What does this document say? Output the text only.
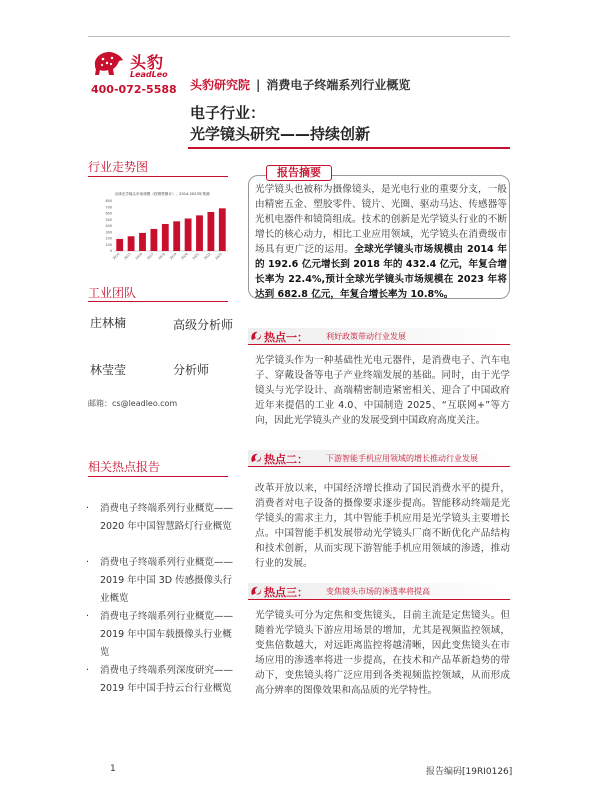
头豹
LeadLeo
400-072-5588 头豹研究院 | 消费电子终端系列行业概览
电子行业：
光学镜头研究——持续创新
行业走势图
全球光学镜头市场规模（按销售额计），2014-2023年预测
800
700
600
500
400
300
200
100
0
2014 2015 2016 2017 2018 2019 2020 2021 2022 2023
工业团队
庄林楠	高级分析师
林莹莹	分析师
邮箱：cs@leadleo.com
相关热点报告
· 消费电子终端系列行业概览——2020 年中国智慧路灯行业概览
· 消费电子终端系列行业概览——2019 年中国 3D 传感摄像头行业概览
· 消费电子终端系列行业概览——2019 年中国车载摄像头行业概览
· 消费电子终端系列深度研究——2019 年中国手持云台行业概览
报告摘要
光学镜头也被称为摄像镜头，是光电行业的重要分支，一般由精密五金、塑胶零件、镜片、光圈、驱动马达、传感器等光机电器件和镜筒组成。技术的创新是光学镜头行业的不断增长的核心动力，相比工业应用领域，光学镜头在消费级市场具有更广泛的运用。全球光学镜头市场规模由 2014 年的 192.6 亿元增长到 2018 年的 432.4 亿元，年复合增长率为 22.4%,预计全球光学镜头市场规模在 2023 年将达到 682.8 亿元，年复合增长率为 10.8%。
热点一： 利好政策带动行业发展
光学镜头作为一种基础性光电元器件，是消费电子、汽车电子、穿戴设备等电子产业终端发展的基础。同时，由于光学镜头与光学设计、高端精密制造紧密相关、迎合了中国政府近年来提倡的工业 4.0、中国制造 2025、“互联网+”等方向，因此光学镜头产业的发展受到中国政府高度关注。
热点二： 下游智能手机应用领域的增长推动行业发展
改革开放以来，中国经济增长推动了国民消费水平的提升，消费者对电子设备的摄像要求逐步提高。智能移动终端是光学镜头的需求主力，其中智能手机应用是光学镜头主要增长点。中国智能手机发展带动光学镜头厂商不断优化产品结构和技术创新，从而实现下游智能手机应用领域的渗透，推动行业的发展。
热点三： 变焦镜头市场的渗透率将提高
光学镜头可分为定焦和变焦镜头，目前主流是定焦镜头。但随着光学镜头下游应用场景的增加，尤其是视频监控领域，变焦倍数越大，对远距离监控将越清晰，因此变焦镜头在市场应用的渗透率将进一步提高，在技术和产品革新趋势的带动下，变焦镜头将广泛应用到各类视频监控领域，从而形成高分辨率的图像效果和高品质的光学特性。
1	报告编码[19RI0126]
